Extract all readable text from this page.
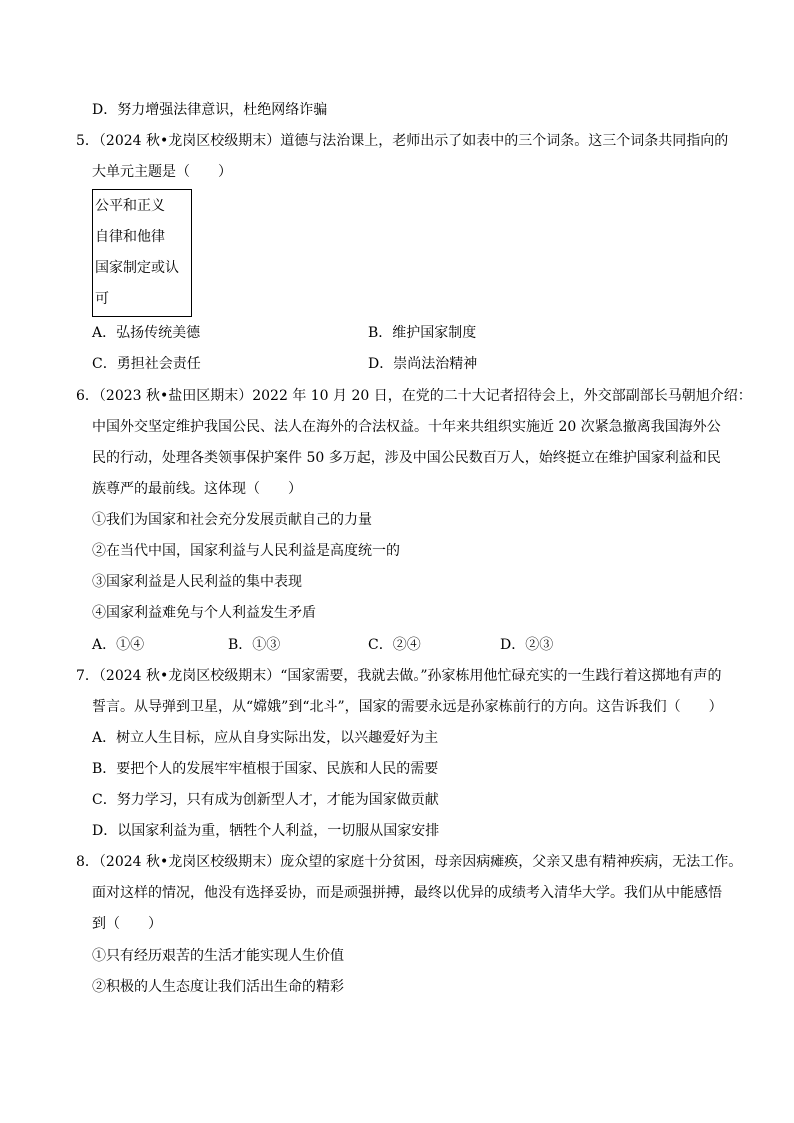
D．努力增强法律意识，杜绝网络诈骗
5．（2024 秋•龙岗区校级期末）道德与法治课上，老师出示了如表中的三个词条。这三个词条共同指向的
大单元主题是（　　）
公平和正义
自律和他律
国家制定或认
可
A．弘扬传统美德	B．维护国家制度
C．勇担社会责任	D．崇尚法治精神
6．（2023 秋•盐田区期末）2022 年 10 月 20 日，在党的二十大记者招待会上，外交部副部长马朝旭介绍：
中国外交坚定维护我国公民、法人在海外的合法权益。十年来共组织实施近 20 次紧急撤离我国海外公
民的行动，处理各类领事保护案件 50 多万起，涉及中国公民数百万人，始终挺立在维护国家利益和民
族尊严的最前线。这体现（　　）
①我们为国家和社会充分发展贡献自己的力量
②在当代中国，国家利益与人民利益是高度统一的
③国家利益是人民利益的集中表现
④国家利益难免与个人利益发生矛盾
A．①④	B．①③	C．②④	D．②③
7．（2024 秋•龙岗区校级期末）“国家需要，我就去做。”孙家栋用他忙碌充实的一生践行着这掷地有声的
誓言。从导弹到卫星，从“嫦娥”到“北斗”，国家的需要永远是孙家栋前行的方向。这告诉我们（　　）
A．树立人生目标，应从自身实际出发，以兴趣爱好为主
B．要把个人的发展牢牢植根于国家、民族和人民的需要
C．努力学习，只有成为创新型人才，才能为国家做贡献
D．以国家利益为重，牺牲个人利益，一切服从国家安排
8．（2024 秋•龙岗区校级期末）庞众望的家庭十分贫困，母亲因病瘫痪，父亲又患有精神疾病，无法工作。
面对这样的情况，他没有选择妥协，而是顽强拼搏，最终以优异的成绩考入清华大学。我们从中能感悟
到（　　）
①只有经历艰苦的生活才能实现人生价值
②积极的人生态度让我们活出生命的精彩
